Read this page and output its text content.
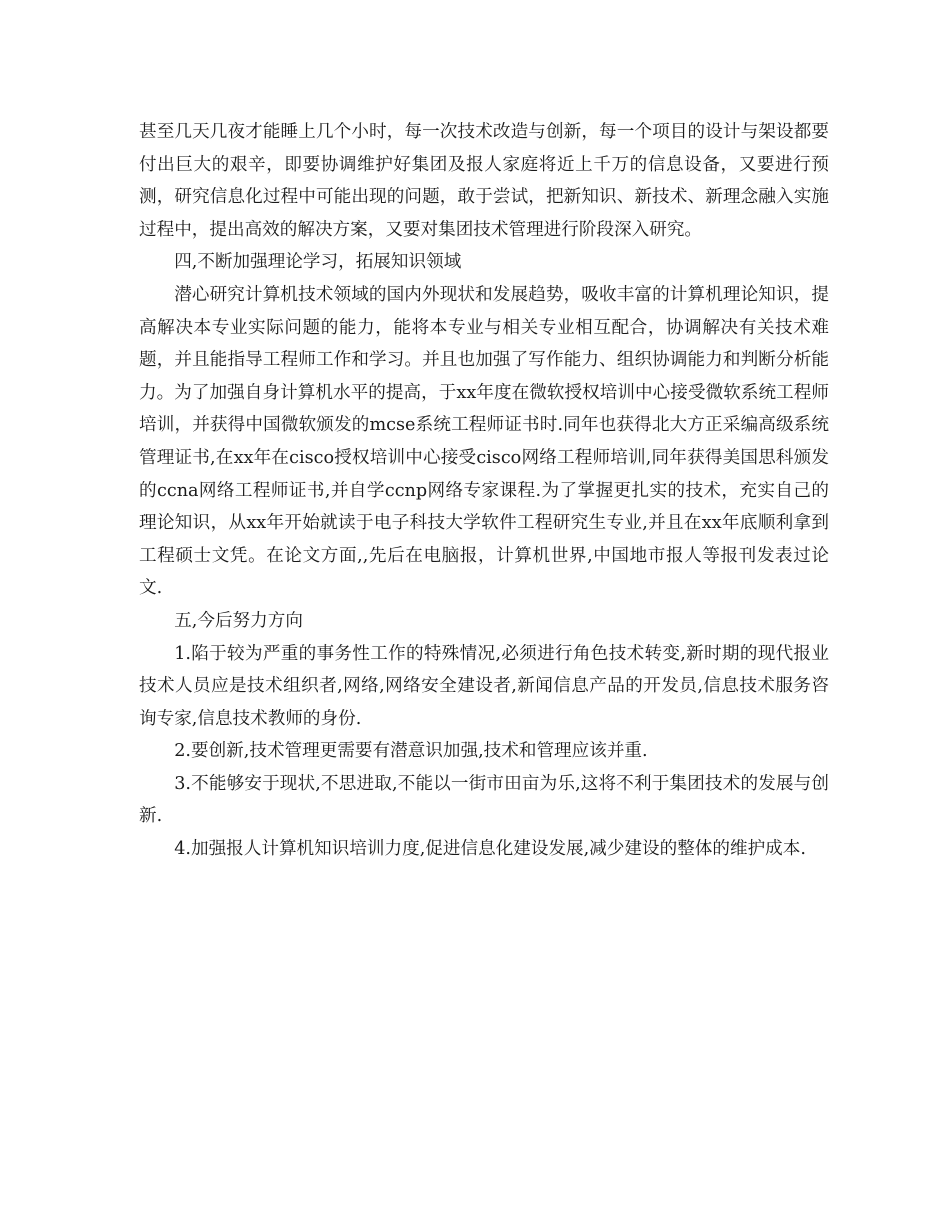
甚至几天几夜才能睡上几个小时，每一次技术改造与创新，每一个项目的设计与架设都要付出巨大的艰辛，即要协调维护好集团及报人家庭将近上千万的信息设备，又要进行预测，研究信息化过程中可能出现的问题，敢于尝试，把新知识、新技术、新理念融入实施过程中，提出高效的解决方案，又要对集团技术管理进行阶段深入研究。

四,不断加强理论学习，拓展知识领域

潜心研究计算机技术领域的国内外现状和发展趋势，吸收丰富的计算机理论知识，提高解决本专业实际问题的能力，能将本专业与相关专业相互配合，协调解决有关技术难题，并且能指导工程师工作和学习。并且也加强了写作能力、组织协调能力和判断分析能力。为了加强自身计算机水平的提高，于xx年度在微软授权培训中心接受微软系统工程师培训，并获得中国微软颁发的mcse系统工程师证书时.同年也获得北大方正采编高级系统管理证书,在xx年在cisco授权培训中心接受cisco网络工程师培训,同年获得美国思科颁发的ccna网络工程师证书,并自学ccnp网络专家课程.为了掌握更扎实的技术，充实自己的理论知识，从xx年开始就读于电子科技大学软件工程研究生专业,并且在xx年底顺利拿到工程硕士文凭。在论文方面,,先后在电脑报，计算机世界,中国地市报人等报刊发表过论文.

五,今后努力方向

1.陷于较为严重的事务性工作的特殊情况,必须进行角色技术转变,新时期的现代报业技术人员应是技术组织者,网络,网络安全建设者,新闻信息产品的开发员,信息技术服务咨询专家,信息技术教师的身份.

2.要创新,技术管理更需要有潜意识加强,技术和管理应该并重.

3.不能够安于现状,不思进取,不能以一街市田亩为乐,这将不利于集团技术的发展与创新.

4.加强报人计算机知识培训力度,促进信息化建设发展,减少建设的整体的维护成本.
